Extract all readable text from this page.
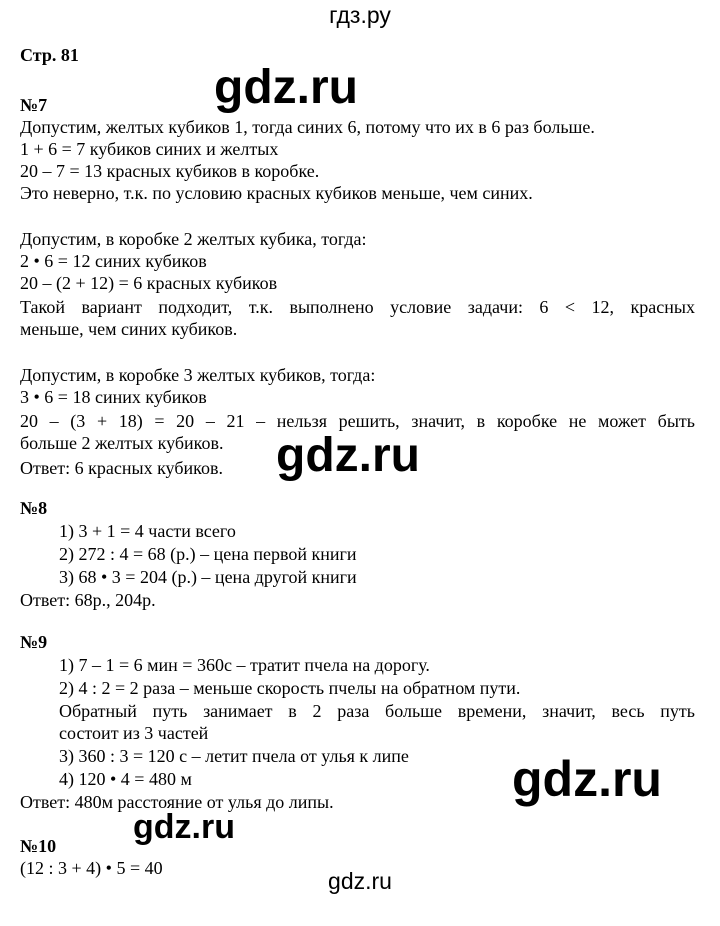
гдз.ру
Стр. 81
gdz.ru
№7
Допустим, желтых кубиков 1, тогда синих 6, потому что их в 6 раз больше.
1 + 6 = 7 кубиков синих и желтых
20 – 7 = 13 красных кубиков в коробке.
Это неверно, т.к. по условию красных кубиков меньше, чем синих.
Допустим, в коробке 2 желтых кубика, тогда:
2 • 6 = 12 синих кубиков
20 – (2 + 12) = 6 красных кубиков
Такой вариант подходит, т.к. выполнено условие задачи: 6 < 12, красных
меньше, чем синих кубиков.
Допустим, в коробке 3 желтых кубиков, тогда:
3 • 6 = 18 синих кубиков
20 – (3 + 18) = 20 – 21 – нельзя решить, значит, в коробке не может быть
больше 2 желтых кубиков.
Ответ: 6 красных кубиков. gdz.ru
№8
1) 3 + 1 = 4 части всего
2) 272 : 4 = 68 (р.) – цена первой книги
3) 68 • 3 = 204 (р.) – цена другой книги
Ответ: 68р., 204р.
№9
1) 7 – 1 = 6 мин = 360с – тратит пчела на дорогу.
2) 4 : 2 = 2 раза – меньше скорость пчелы на обратном пути.
Обратный путь занимает в 2 раза больше времени, значит, весь путь
состоит из 3 частей
3) 360 : 3 = 120 с – летит пчела от улья к липе
4) 120 • 4 = 480 м
Ответ: 480м расстояние от улья до липы.	gdz.ru
gdz.ru
№10
(12 : 3 + 4) • 5 = 40	gdz.ru
